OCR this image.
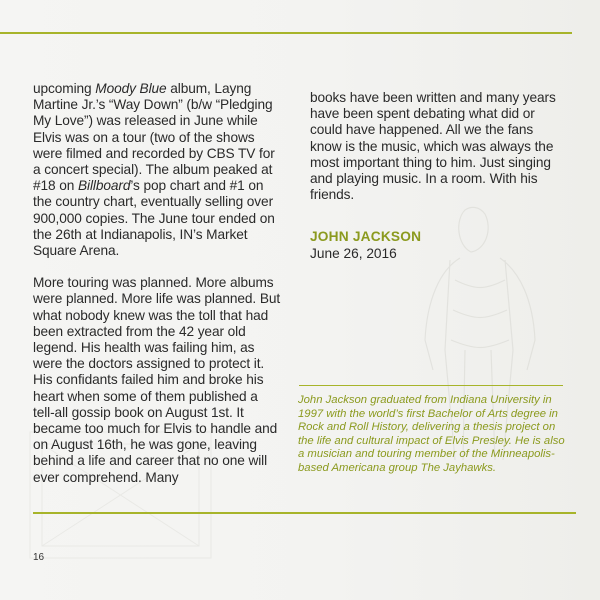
upcoming Moody Blue album, Layng Martine Jr.’s “Way Down” (b/w “Pledging My Love”) was released in June while Elvis was on a tour (two of the shows were filmed and recorded by CBS TV for a concert special). The album peaked at #18 on Billboard’s pop chart and #1 on the country chart, eventually selling over 900,000 copies. The June tour ended on the 26th at Indianapolis, IN’s Market Square Arena.

More touring was planned. More albums were planned. More life was planned. But what nobody knew was the toll that had been extracted from the 42 year old legend. His health was failing him, as were the doctors assigned to protect it. His confidants failed him and broke his heart when some of them published a tell-all gossip book on August 1st. It became too much for Elvis to handle and on August 16th, he was gone, leaving behind a life and career that no one will ever comprehend. Many

books have been written and many years have been spent debating what did or could have happened. All we the fans know is the music, which was always the most important thing to him. Just singing and playing music. In a room. With his friends.

JOHN JACKSON
June 26, 2016

John Jackson graduated from Indiana University in 1997 with the world’s first Bachelor of Arts degree in Rock and Roll History, delivering a thesis project on the life and cultural impact of Elvis Presley. He is also a musician and touring member of the Minneapolis-based Americana group The Jayhawks.

16
